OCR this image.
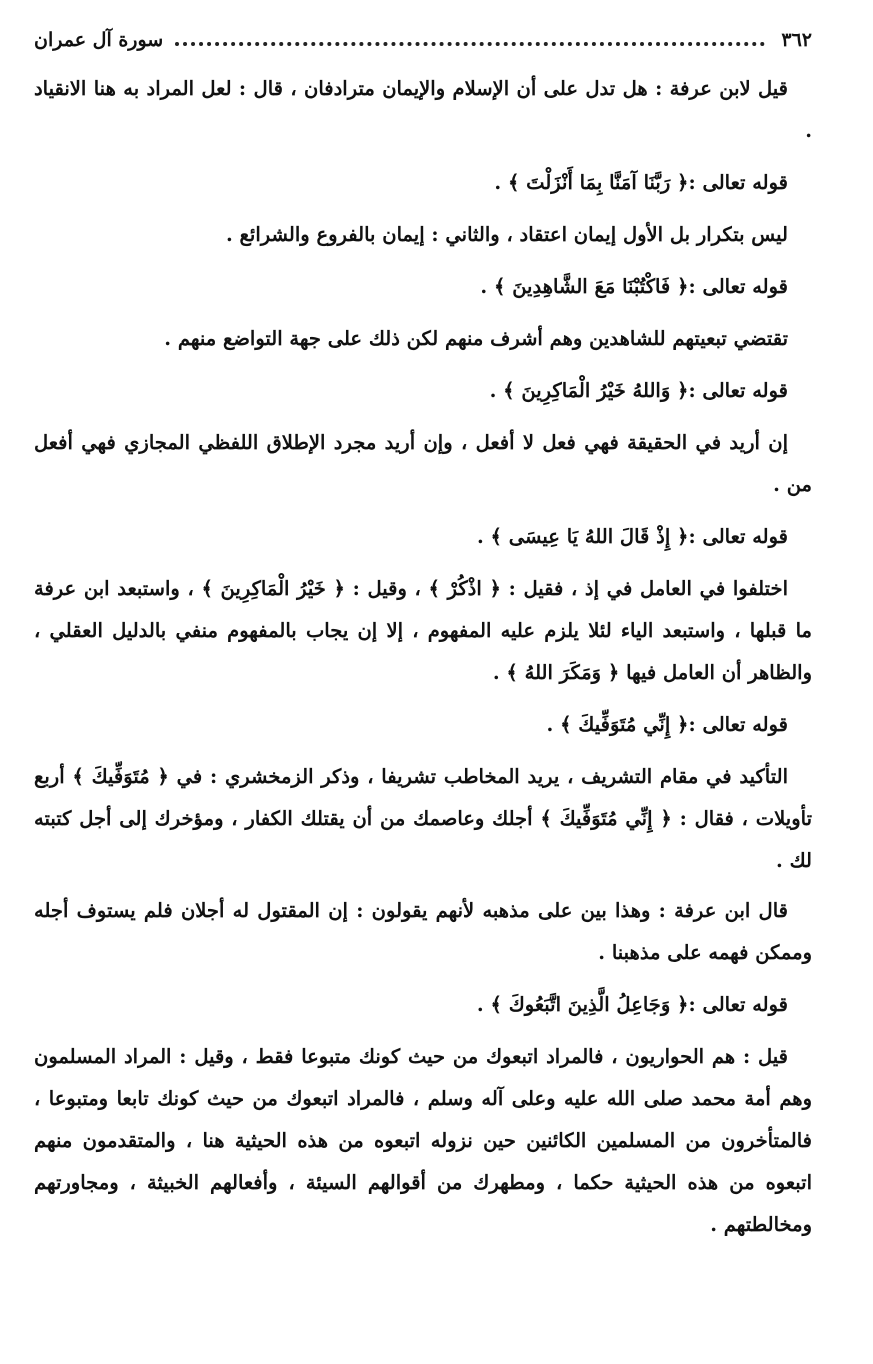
٣٦٢
سورة آل عمران

قيل لابن عرفة : هل تدل على أن الإسلام والإيمان مترادفان ، قال : لعل المراد به هنا الانقياد .

قوله تعالى :﴿ رَبَّنَا آمَنَّا بِمَا أَنْزَلْتَ ﴾ .

ليس بتكرار بل الأول إيمان اعتقاد ، والثاني : إيمان بالفروع والشرائع .

قوله تعالى :﴿ فَاكْتُبْنَا مَعَ الشَّاهِدِينَ ﴾ .

تقتضي تبعيتهم للشاهدين وهم أشرف منهم لكن ذلك على جهة التواضع منهم .

قوله تعالى :﴿ وَاللهُ خَيْرُ الْمَاكِرِينَ ﴾ .

إن أريد في الحقيقة فهي فعل لا أفعل ، وإن أريد مجرد الإطلاق اللفظي المجازي فهي أفعل من .

قوله تعالى :﴿ إِذْ قَالَ اللهُ يَا عِيسَى ﴾ .

اختلفوا في العامل في إذ ، فقيل : ﴿ اذْكُرْ ﴾ ، وقيل : ﴿ خَيْرُ الْمَاكِرِينَ ﴾ ، واستبعد ابن عرفة ما قبلها ، واستبعد الياء لئلا يلزم عليه المفهوم ، إلا إن يجاب بالمفهوم منفي بالدليل العقلي ، والظاهر أن العامل فيها ﴿ وَمَكَرَ اللهُ ﴾ .

قوله تعالى :﴿ إِنِّي مُتَوَفِّيكَ ﴾ .

التأكيد في مقام التشريف ، يريد المخاطب تشريفا ، وذكر الزمخشري : في ﴿ مُتَوَفِّيكَ ﴾ أربع تأويلات ، فقال : ﴿ إِنِّي مُتَوَفِّيكَ ﴾ أجلك وعاصمك من أن يقتلك الكفار ، ومؤخرك إلى أجل كتبته لك .

قال ابن عرفة : وهذا بين على مذهبه لأنهم يقولون : إن المقتول له أجلان فلم يستوف أجله وممكن فهمه على مذهبنا .

قوله تعالى :﴿ وَجَاعِلُ الَّذِينَ اتَّبَعُوكَ ﴾ .

قيل : هم الحواريون ، فالمراد اتبعوك من حيث كونك متبوعا فقط ، وقيل : المراد المسلمون وهم أمة محمد صلى الله عليه وعلى آله وسلم ، فالمراد اتبعوك من حيث كونك تابعا ومتبوعا ، فالمتأخرون من المسلمين الكائنين حين نزوله اتبعوه من هذه الحيثية هنا ، والمتقدمون منهم اتبعوه من هذه الحيثية حكما ، ومطهرك من أقوالهم السيئة ، وأفعالهم الخبيثة ، ومجاورتهم ومخالطتهم .
